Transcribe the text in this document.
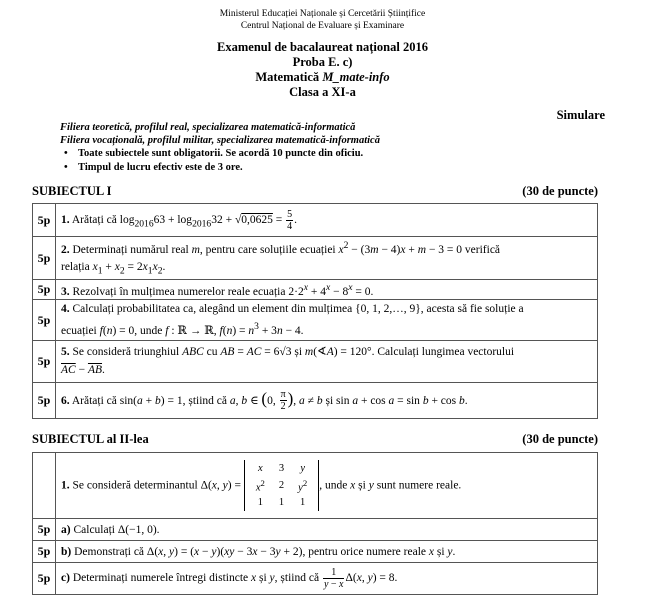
Ministerul Educației Naționale și Cercetării Științifice
Centrul Național de Evaluare și Examinare
Examenul de bacalaureat național 2016
Proba E. c)
Matematică M_mate-info
Clasa a XI-a
Simulare
Filiera teoretică, profilul real, specializarea matematică-informatică
Filiera vocațională, profilul militar, specializarea matematică-informatică
• Toate subiectele sunt obligatorii. Se acordă 10 puncte din oficiu.
• Timpul de lucru efectiv este de 3 ore.
SUBIECTUL I	(30 de puncte)
5p	1. Arătați că $\log_{2016}63 + \log_{2016}32 + √0,0625 = \frac{5}{4}$ .
5p	2. Determinați numărul real m, pentru care soluțiile ecuației $x^2 - (3m - 4)x + m - 3 = 0$ verifică
relația $x_1 + x_2 = 2x_1x_2$.
5p	3. Rezolvați în mulțimea numerelor reale ecuația $2\cdot 2^x + 4^x - 8^x = 0$.
5p	4. Calculați probabilitatea ca, alegând un element din mulțimea {0, 1, 2,…, 9}, acesta să fie soluție a
ecuației f(n) = 0, unde f : ℝ → ℝ, $f(n) = n^3 + 3n - 4$.
5p	5. Se consideră triunghiul ABC cu AB = AC = 6√3 și m(∢A) = 120°. Calculați lungimea vectorului
$\overline{AC} - \overline{AB}$.
5p	6. Arătați că sin(a + b) = 1, știind că a, b ∈ (0, $\frac{\pi}{2}$ ), a ≠ b și sin a + cos a = sin b + cos b.
SUBIECTUL al II-lea	(30 de puncte)
	1. Se consideră determinantul Δ(x, y) =
x	3	y
$x^2$	2	$y^2$
1	1	1
, unde x și y sunt numere reale.
5p	a) Calculați Δ(−1, 0).
5p	b) Demonstrați că Δ(x, y) = (x − y)(xy − 3x − 3y + 2), pentru orice numere reale x și y.
5p	c) Determinați numerele întregi distincte x și y, știind că $\frac{1}{y - x} \Delta(x$, y) = 8.
